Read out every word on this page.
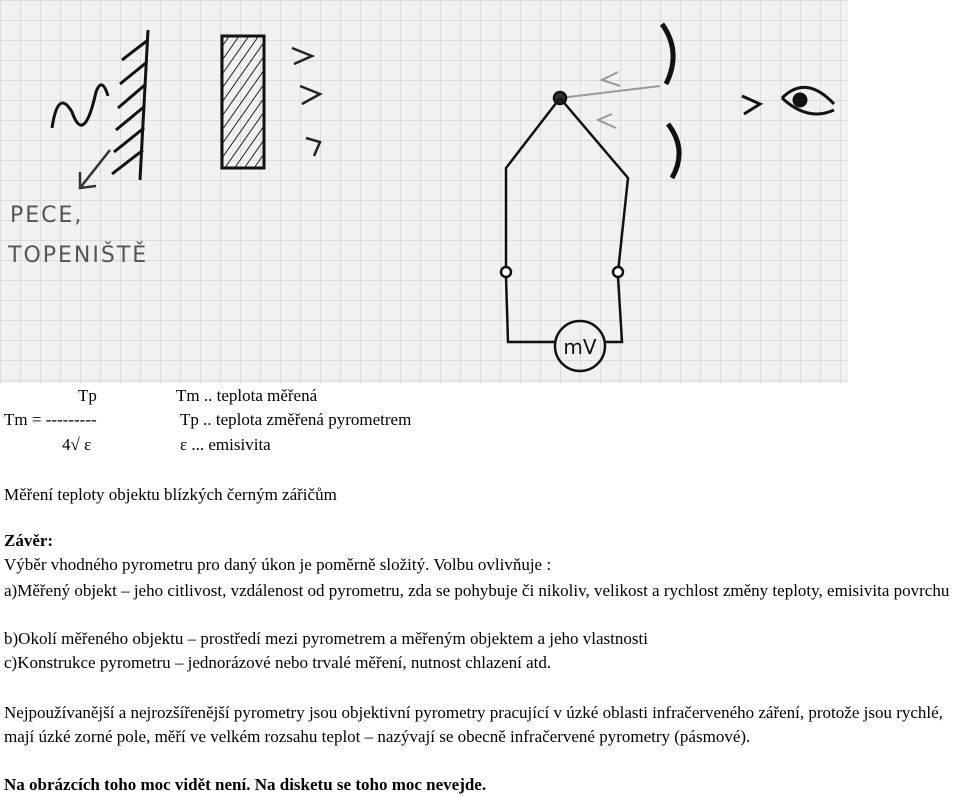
PECE,
TOPENIŠTĚ
mV
Tp
Tm = ---------
4√ ε
Tm .. teplota měřená
Tp .. teplota změřená pyrometrem
ε ... emisivita
Měření teploty objektu blízkých černým zářičům
Závěr:
Výběr vhodného pyrometru pro daný úkon je poměrně složitý. Volbu ovlivňuje :
a)Měřený objekt – jeho citlivost, vzdálenost od pyrometru, zda se pohybuje či nikoliv, velikost a rychlost změny teploty, emisivita povrchu
b)Okolí měřeného objektu – prostředí mezi pyrometrem a měřeným objektem a jeho vlastnosti
c)Konstrukce pyrometru – jednorázové nebo trvalé měření, nutnost chlazení atd.
Nejpoužívanější a nejrozšířenější pyrometry jsou objektivní pyrometry pracující v úzké oblasti infračerveného záření, protože jsou rychlé, mají úzké zorné pole, měří ve velkém rozsahu teplot – nazývají se obecně infračervené pyrometry (pásmové).
Na obrázcích toho moc vidět není. Na disketu se toho moc nevejde.
